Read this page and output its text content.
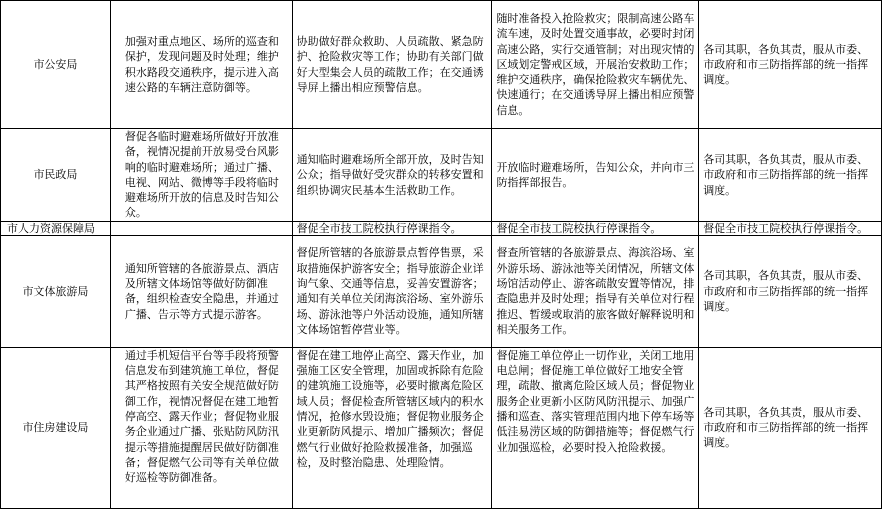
市公安局	加强对重点地区、场所的巡查和保护，发现问题及时处理；维护积水路段交通秩序，提示进入高速公路的车辆注意防御等。	协助做好群众救助、人员疏散、紧急防护、抢险救灾等工作；协助有关部门做好大型集会人员的疏散工作；在交通诱导屏上播出相应预警信息。	随时准备投入抢险救灾；限制高速公路车流车速，及时处置交通事故，必要时封闭高速公路，实行交通管制；对出现灾情的区域划定警戒区域，开展治安救助工作；维护交通秩序，确保抢险救灾车辆优先、快速通行；在交通诱导屏上播出相应预警信息。	各司其职，各负其责，服从市委、市政府和市三防指挥部的统一指挥调度。
市民政局	督促各临时避难场所做好开放准备，视情况提前开放易受台风影响的临时避难场所；通过广播、电视、网站、微博等手段将临时避难场所开放的信息及时告知公众。	通知临时避难场所全部开放，及时告知公众；指导做好受灾群众的转移安置和组织协调灾民基本生活救助工作。	开放临时避难场所，告知公众，并向市三防指挥部报告。	各司其职，各负其责，服从市委、市政府和市三防指挥部的统一指挥调度。
市人力资源保障局		督促全市技工院校执行停课指令。	督促全市技工院校执行停课指令。	督促全市技工院校执行停课指令。
市文体旅游局	通知所管辖的各旅游景点、酒店及所辖文体场馆等做好防御准备，组织检查安全隐患，并通过广播、告示等方式提示游客。	督促所管辖的各旅游景点暂停售票，采取措施保护游客安全；指导旅游企业详询气象、交通等信息，妥善安置游客；通知有关单位关闭海滨浴场、室外游乐场、游泳池等户外活动设施，通知所辖文体场馆暂停营业等。	督查所管辖的各旅游景点、海滨浴场、室外游乐场、游泳池等关闭情况，所辖文体场馆活动停止、游客疏散安置等情况，排查隐患并及时处理；指导有关单位对行程推迟、暂缓或取消的旅客做好解释说明和相关服务工作。	各司其职，各负其责，服从市委、市政府和市三防指挥部的统一指挥调度。
市住房建设局	通过手机短信平台等手段将预警信息发布到建筑施工单位，督促其严格按照有关安全规范做好防御工作，视情况督促在建工地暂停高空、露天作业；督促物业服务企业通过广播、张贴防风防汛提示等措施提醒居民做好防御准备；督促燃气公司等有关单位做好巡检等防御准备。	督促在建工地停止高空、露天作业，加强施工区安全管理，加固或拆除有危险的建筑施工设施等，必要时撤离危险区域人员；督促检查所管辖区域内的积水情况，抢修水毁设施；督促物业服务企业更新防风提示、增加广播频次；督促燃气行业做好抢险救援准备，加强巡检，及时整治隐患、处理险情。	督促施工单位停止一切作业，关闭工地用电总闸；督促施工单位做好工地安全管理，疏散、撤离危险区域人员；督促物业服务企业更新小区防风防汛提示、加强广播和巡查、落实管理范围内地下停车场等低洼易涝区域的防御措施等；督促燃气行业加强巡检，必要时投入抢险救援。	各司其职，各负其责，服从市委、市政府和市三防指挥部的统一指挥调度。
